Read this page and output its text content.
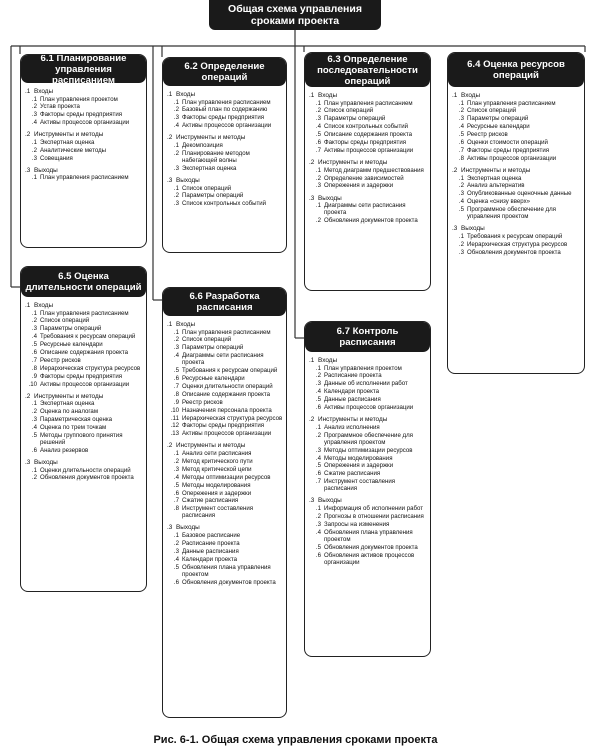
Общая схема управления сроками проекта
6.1 Планирование управления расписанием
.1 Входы
.1 План управления проектом
.2 Устав проекта
.3 Факторы среды предприятия
.4 Активы процессов организации
.2 Инструменты и методы
.1 Экспертная оценка
.2 Аналитические методы
.3 Совещания
.3 Выходы
.1 План управления расписанием
6.2 Определение операций
.1 Входы
.1 План управления расписанием
.2 Базовый план по содержанию
.3 Факторы среды предприятия
.4 Активы процессов организации
.2 Инструменты и методы
.1 Декомпозиция
.2 Планирование методом набегающей волны
.3 Экспертная оценка
.3 Выходы
.1 Список операций
.2 Параметры операций
.3 Список контрольных событий
6.3 Определение последовательности операций
.1 Входы
.1 План управления расписанием
.2 Список операций
.3 Параметры операций
.4 Список контрольных событий
.5 Описание содержания проекта
.6 Факторы среды предприятия
.7 Активы процессов организации
.2 Инструменты и методы
.1 Метод диаграмм предшествования
.2 Определение зависимостей
.3 Опережения и задержки
.3 Выходы
.1 Диаграммы сети расписания проекта
.2 Обновления документов проекта
6.4 Оценка ресурсов операций
.1 Входы
.1 План управления расписанием
.2 Список операций
.3 Параметры операций
.4 Ресурсные календари
.5 Реестр рисков
.6 Оценки стоимости операций
.7 Факторы среды предприятия
.8 Активы процессов организации
.2 Инструменты и методы
.1 Экспертная оценка
.2 Анализ альтернатив
.3 Опубликованные оценочные данные
.4 Оценка «снизу вверх»
.5 Программное обеспечение для управления проектом
.3 Выходы
.1 Требования к ресурсам операций
.2 Иерархическая структура ресурсов
.3 Обновления документов проекта
6.5 Оценка длительности операций
.1 Входы
.1 План управления расписанием
.2 Список операций
.3 Параметры операций
.4 Требования к ресурсам операций
.5 Ресурсные календари
.6 Описание содержания проекта
.7 Реестр рисков
.8 Иерархическая структура ресурсов
.9 Факторы среды предприятия
.10 Активы процессов организации
.2 Инструменты и методы
.1 Экспертная оценка
.2 Оценка по аналогам
.3 Параметрическая оценка
.4 Оценка по трем точкам
.5 Методы группового принятия решений
.6 Анализ резервов
.3 Выходы
.1 Оценки длительности операций
.2 Обновления документов проекта
6.6 Разработка расписания
.1 Входы
.1 План управления расписанием
.2 Список операций
.3 Параметры операций
.4 Диаграммы сети расписания проекта
.5 Требования к ресурсам операций
.6 Ресурсные календари
.7 Оценки длительности операций
.8 Описание содержания проекта
.9 Реестр рисков
.10 Назначения персонала проекта
.11 Иерархическая структура ресурсов
.12 Факторы среды предприятия
.13 Активы процессов организации
.2 Инструменты и методы
.1 Анализ сети расписания
.2 Метод критического пути
.3 Метод критической цепи
.4 Методы оптимизации ресурсов
.5 Методы моделирования
.6 Опережения и задержки
.7 Сжатие расписания
.8 Инструмент составления расписания
.3 Выходы
.1 Базовое расписание
.2 Расписание проекта
.3 Данные расписания
.4 Календари проекта
.5 Обновления плана управления проектом
.6 Обновления документов проекта
6.7 Контроль расписания
.1 Входы
.1 План управления проектом
.2 Расписание проекта
.3 Данные об исполнении работ
.4 Календари проекта
.5 Данные расписания
.6 Активы процессов организации
.2 Инструменты и методы
.1 Анализ исполнения
.2 Программное обеспечение для управления проектом
.3 Методы оптимизации ресурсов
.4 Методы моделирования
.5 Опережения и задержки
.6 Сжатие расписания
.7 Инструмент составления расписания
.3 Выходы
.1 Информация об исполнении работ
.2 Прогнозы в отношении расписания
.3 Запросы на изменения
.4 Обновления плана управления проектом
.5 Обновления документов проекта
.6 Обновления активов процессов организации
Рис. 6-1. Общая схема управления сроками проекта
